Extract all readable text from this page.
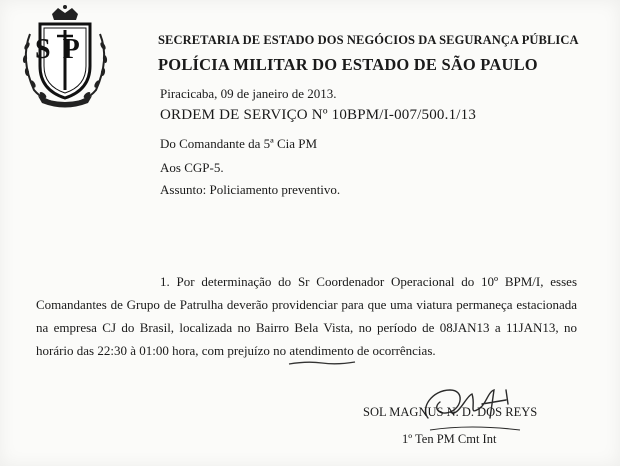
SP	SECRETARIA DE ESTADO DOS NEGÓCIOS DA SEGURANÇA PÚBLICA
POLÍCIA MILITAR DO ESTADO DE SÃO PAULO
Piracicaba, 09 de janeiro de 2013.
ORDEM DE SERVIÇO Nº 10BPM/I-007/500.1/13
Do Comandante da 5ª Cia PM
Aos CGP-5.
Assunto: Policiamento preventivo.

1. Por determinação do Sr Coordenador Operacional do 10º BPM/I, esses Comandantes de Grupo de Patrulha deverão providenciar para que uma viatura permaneça estacionada na empresa CJ do Brasil, localizada no Bairro Bela Vista, no período de 08JAN13 a 11JAN13, no horário das 22:30 à 01:00 hora, com prejuízo no atendimento de ocorrências.

SOL MAGNUS N. D. DOS REYS
1º Ten PM Cmt Int
